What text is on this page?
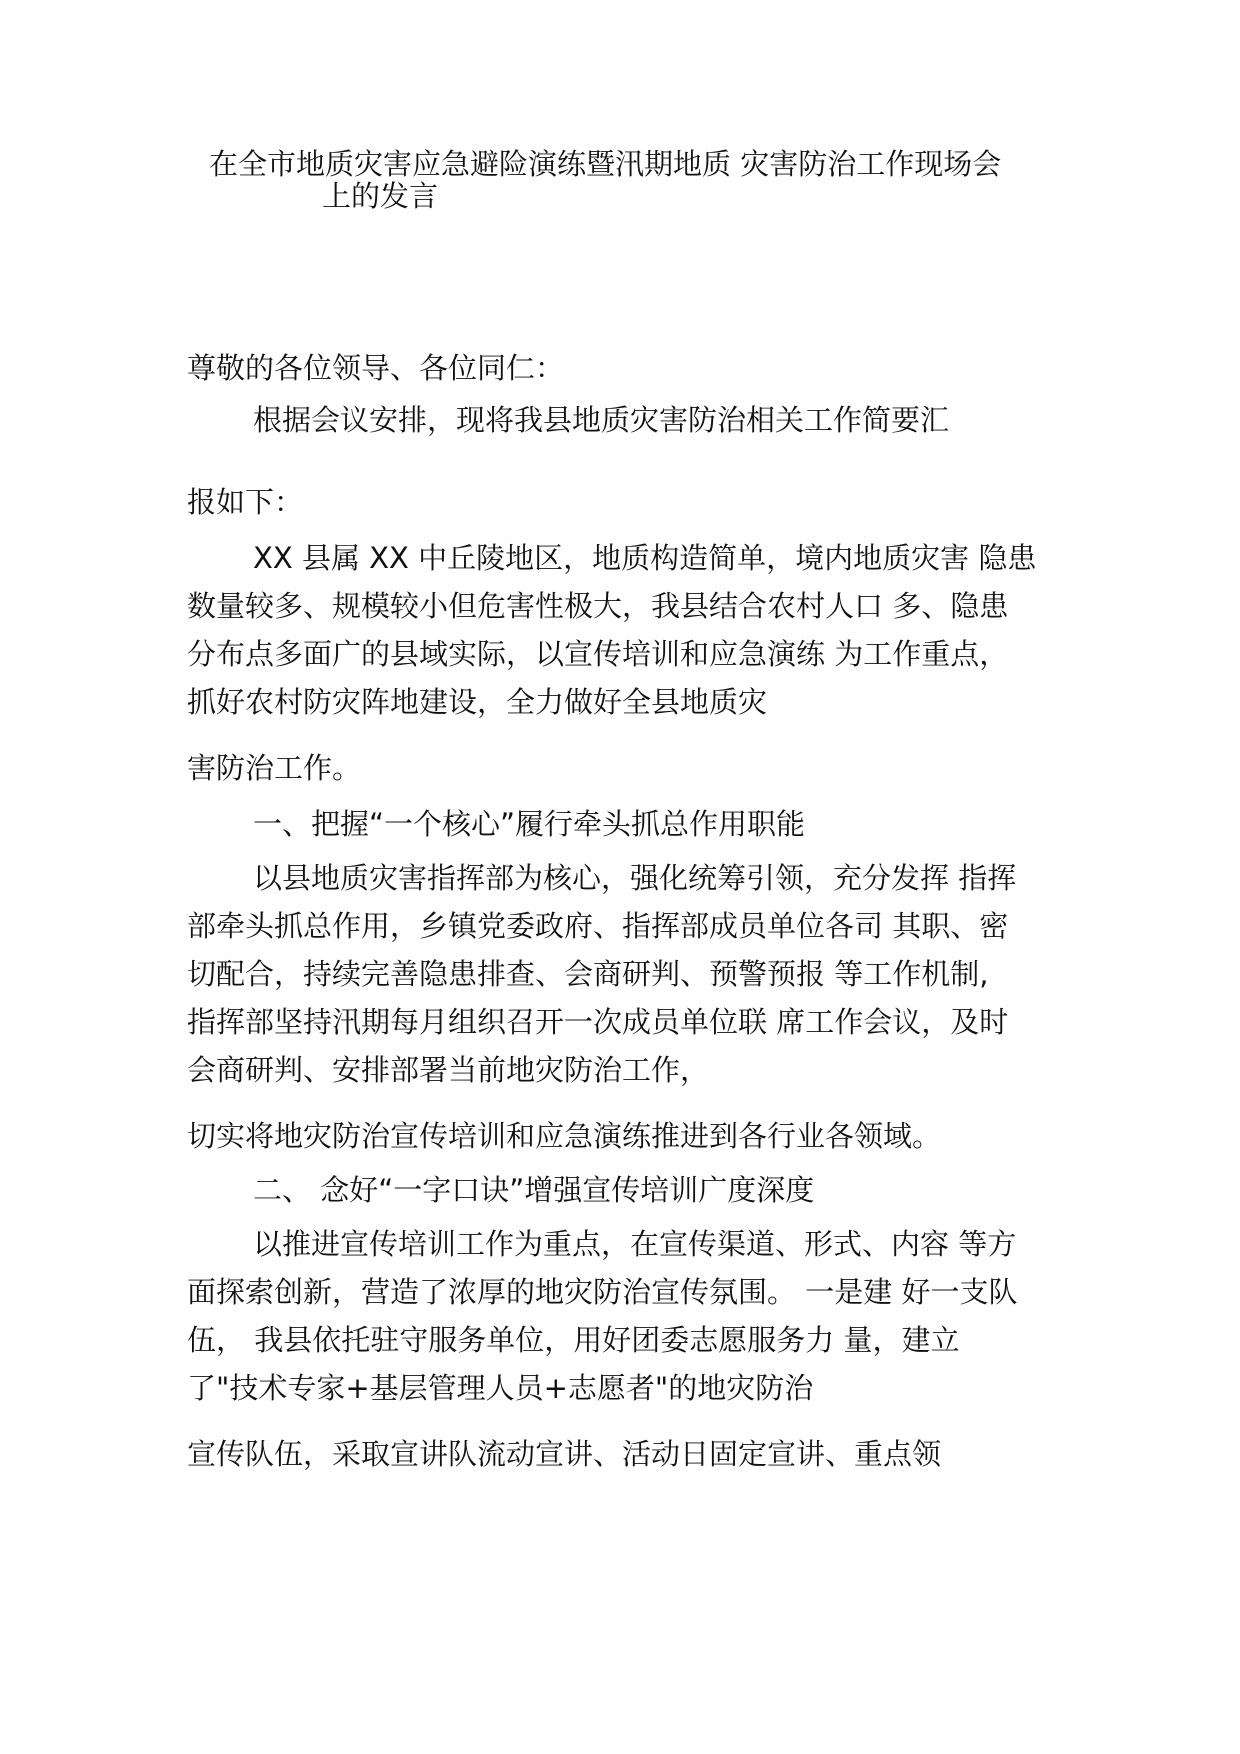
在全市地质灾害应急避险演练暨汛期地质 灾害防治工作现场会
上的发言
尊敬的各位领导、各位同仁：
根据会议安排，现将我县地质灾害防治相关工作简要汇
报如下：
XX 县属 XX 中丘陵地区，地质构造简单，境内地质灾害 隐患
数量较多、规模较小但危害性极大，我县结合农村人口 多、隐患
分布点多面广的县域实际，以宣传培训和应急演练 为工作重点，
抓好农村防灾阵地建设，全力做好全县地质灾
害防治工作。
一、把握“一个核心”履行牵头抓总作用职能
以县地质灾害指挥部为核心，强化统筹引领，充分发挥 指挥
部牵头抓总作用，乡镇党委政府、指挥部成员单位各司 其职、密
切配合，持续完善隐患排查、会商研判、预警预报 等工作机制,
指挥部坚持汛期每月组织召开一次成员单位联 席工作会议，及时
会商研判、安排部署当前地灾防治工作，
切实将地灾防治宣传培训和应急演练推进到各行业各领域。
二、 念好“一字口诀”增强宣传培训广度深度
以推进宣传培训工作为重点，在宣传渠道、形式、内容 等方
面探索创新，营造了浓厚的地灾防治宣传氛围。 一是建 好一支队
伍， 我县依托驻守服务单位，用好团委志愿服务力 量，建立
了"技术专家+基层管理人员+志愿者"的地灾防治
宣传队伍，采取宣讲队流动宣讲、活动日固定宣讲、重点领
